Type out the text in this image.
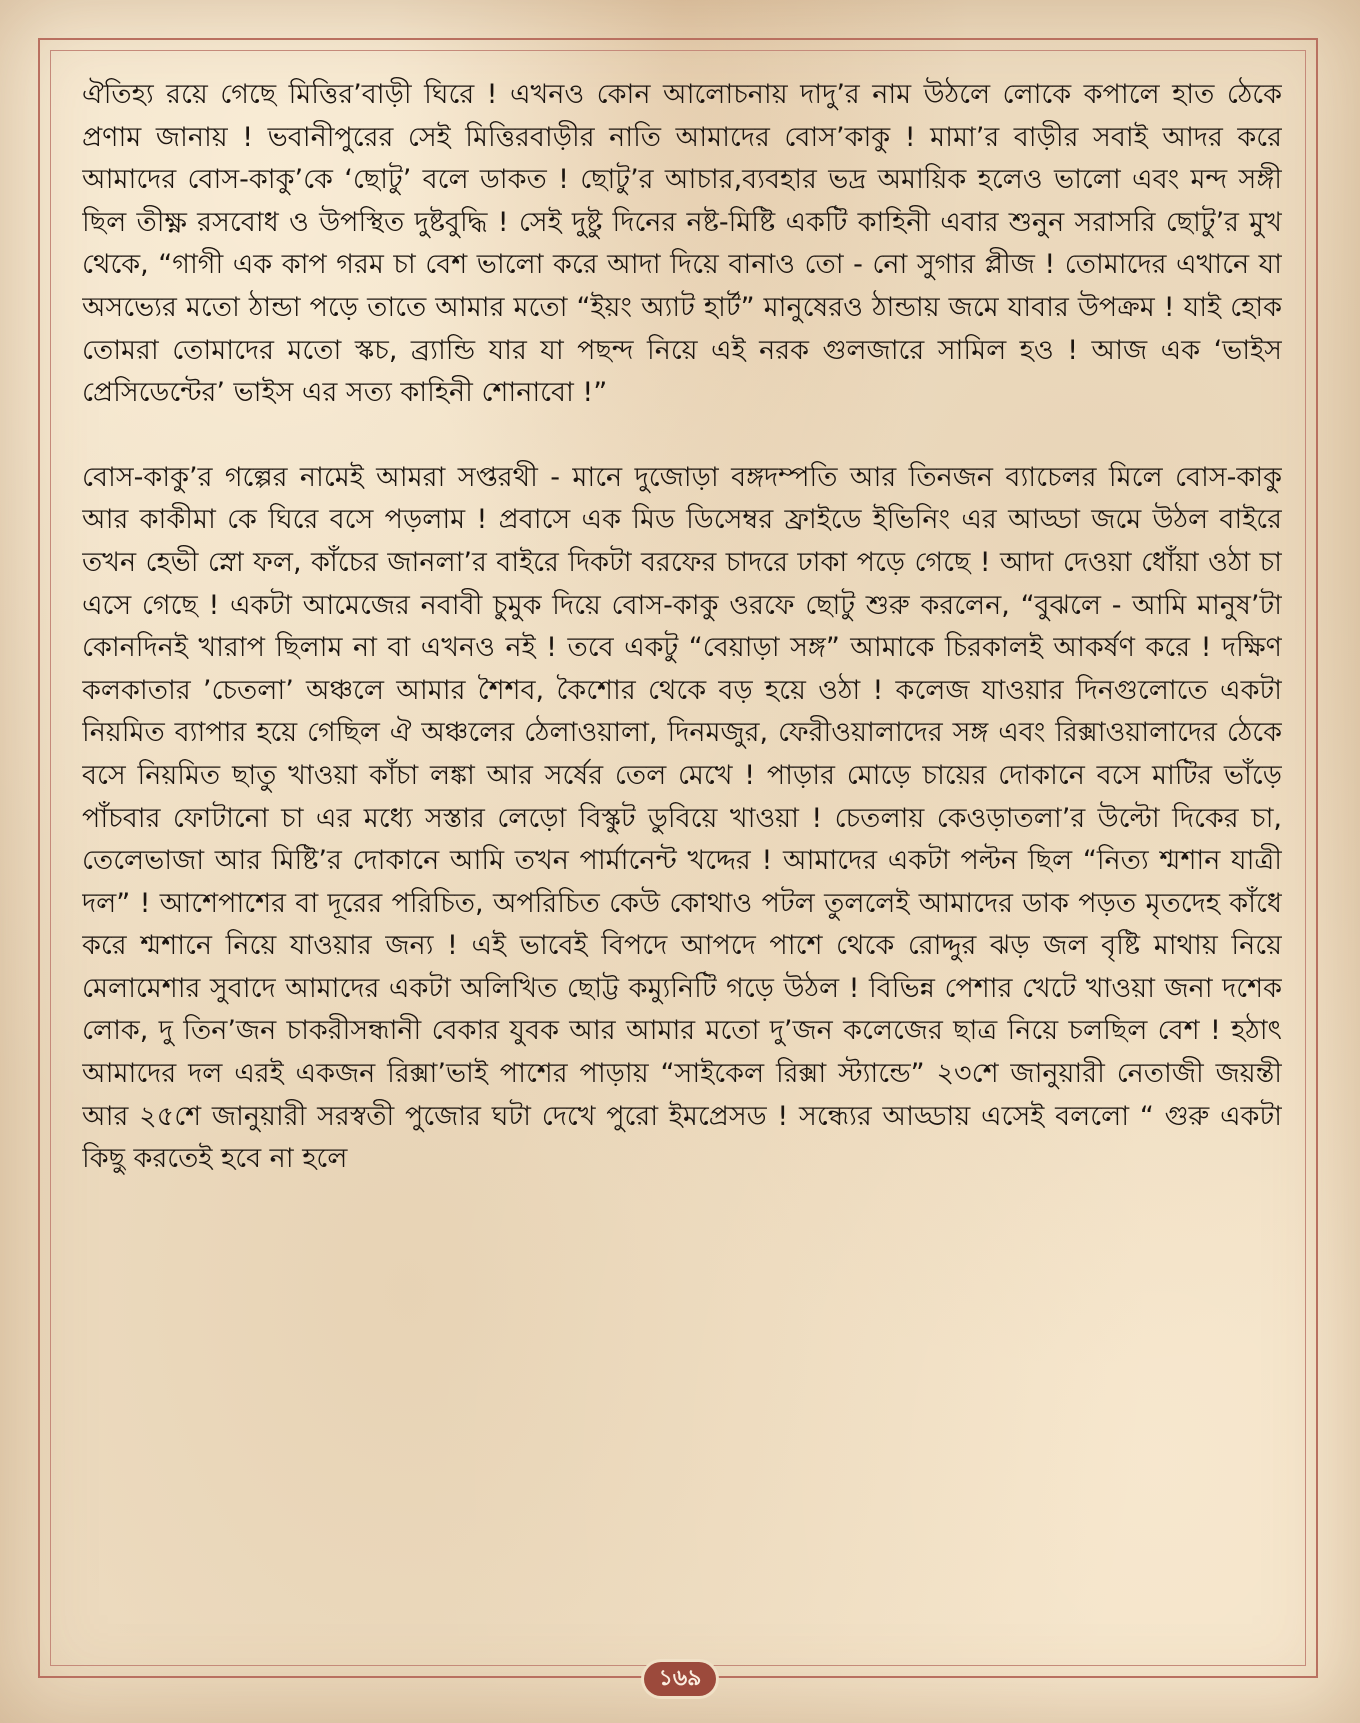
ঐতিহ্য রয়ে গেছে মিত্তির’বাড়ী ঘিরে ! এখনও কোন আলোচনায় দাদু’র নাম উঠলে লোকে কপালে হাত ঠেকে প্রণাম জানায় ! ভবানীপুরের সেই মিত্তিরবাড়ীর নাতি আমাদের বোস’কাকু ! মামা’র বাড়ীর সবাই আদর করে আমাদের বোস-কাকু’কে ‘ছোটু’ বলে ডাকত ! ছোটু’র আচার,ব্যবহার ভদ্র অমায়িক হলেও ভালো এবং মন্দ সঙ্গী ছিল তীক্ষ্ণ রসবোধ ও উপস্থিত দুষ্টবুদ্ধি ! সেই দুষ্টু দিনের নষ্ট-মিষ্টি একটি কাহিনী এবার শুনুন সরাসরি ছোটু’র মুখ থেকে, “গাগী এক কাপ গরম চা বেশ ভালো করে আদা দিয়ে বানাও তো - নো সুগার প্লীজ ! তোমাদের এখানে যা অসভ্যের মতো ঠান্ডা পড়ে তাতে আমার মতো “ইয়ং অ্যাট হার্ট” মানুষেরও ঠান্ডায় জমে যাবার উপক্রম ! যাই হোক তোমরা তোমাদের মতো স্কচ, ব্র্যান্ডি যার যা পছন্দ নিয়ে এই নরক গুলজারে সামিল হও ! আজ এক ‘ভাইস প্রেসিডেন্টের’ ভাইস এর সত্য কাহিনী শোনাবো !”

বোস-কাকু’র গল্পের নামেই আমরা সপ্তরথী - মানে দুজোড়া বঙ্গদম্পতি আর তিনজন ব্যাচেলর মিলে বোস-কাকু আর কাকীমা কে ঘিরে বসে পড়লাম ! প্রবাসে এক মিড ডিসেম্বর ফ্রাইডে ইভিনিং এর আড্ডা জমে উঠল বাইরে তখন হেভী স্নো ফল, কাঁচের জানলা’র বাইরে দিকটা বরফের চাদরে ঢাকা পড়ে গেছে ! আদা দেওয়া ধোঁয়া ওঠা চা এসে গেছে ! একটা আমেজের নবাবী চুমুক দিয়ে বোস-কাকু ওরফে ছোটু শুরু করলেন, “বুঝলে - আমি মানুষ’টা কোনদিনই খারাপ ছিলাম না বা এখনও নই ! তবে একটু “বেয়াড়া সঙ্গ” আমাকে চিরকালই আকর্ষণ করে ! দক্ষিণ কলকাতার ’চেতলা’ অঞ্চলে আমার শৈশব, কৈশোর থেকে বড় হয়ে ওঠা ! কলেজ যাওয়ার দিনগুলোতে একটা নিয়মিত ব্যাপার হয়ে গেছিল ঐ অঞ্চলের ঠেলাওয়ালা, দিনমজুর, ফেরীওয়ালাদের সঙ্গ এবং রিক্সাওয়ালাদের ঠেকে বসে নিয়মিত ছাতু খাওয়া কাঁচা লঙ্কা আর সর্ষের তেল মেখে ! পাড়ার মোড়ে চায়ের দোকানে বসে মাটির ভাঁড়ে পাঁচবার ফোটানো চা এর মধ্যে সস্তার লেড়ো বিস্কুট ডুবিয়ে খাওয়া ! চেতলায় কেওড়াতলা’র উল্টো দিকের চা, তেলেভাজা আর মিষ্টি’র দোকানে আমি তখন পার্মানেন্ট খদ্দের ! আমাদের একটা পল্টন ছিল “নিত্য শ্মশান যাত্রী দল” ! আশেপাশের বা দূরের পরিচিত, অপরিচিত কেউ কোথাও পটল তুললেই আমাদের ডাক পড়ত মৃতদেহ কাঁধে করে শ্মশানে নিয়ে যাওয়ার জন্য ! এই ভাবেই বিপদে আপদে পাশে থেকে রোদ্দুর ঝড় জল বৃষ্টি মাথায় নিয়ে মেলামেশার সুবাদে আমাদের একটা অলিখিত ছোট্ট কম্যুনিটি গড়ে উঠল ! বিভিন্ন পেশার খেটে খাওয়া জনা দশেক লোক, দু তিন’জন চাকরীসন্ধানী বেকার যুবক আর আমার মতো দু’জন কলেজের ছাত্র নিয়ে চলছিল বেশ ! হঠাৎ আমাদের দল এরই একজন রিক্সা’ভাই পাশের পাড়ায় “সাইকেল রিক্সা স্ট্যান্ডে” ২৩শে জানুয়ারী নেতাজী জয়ন্তী আর ২৫শে জানুয়ারী সরস্বতী পুজোর ঘটা দেখে পুরো ইমপ্রেসড ! সন্ধ্যের আড্ডায় এসেই বললো “ গুরু একটা কিছু করতেই হবে না হলে

১৬৯
